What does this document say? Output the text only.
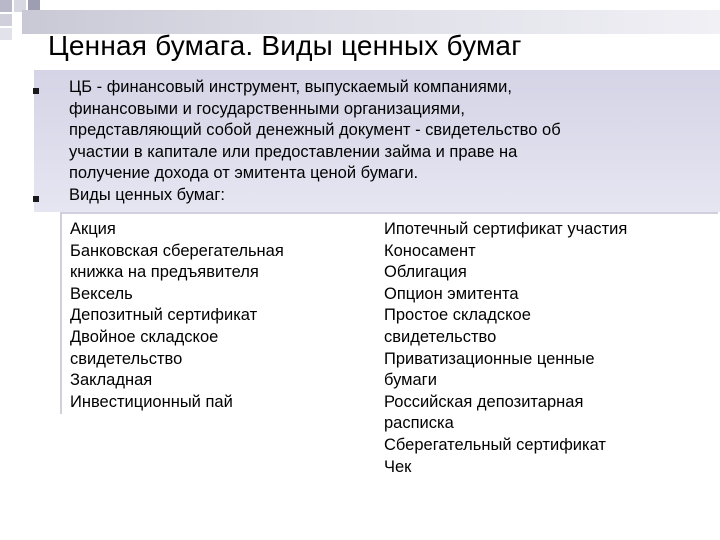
Ценная бумага. Виды ценных бумаг
ЦБ - финансовый инструмент, выпускаемый компаниями,
финансовыми и государственными организациями,
представляющий собой денежный документ - свидетельство об
участии в капитале или предоставлении займа и праве на
получение дохода от эмитента ценой бумаги.
Виды ценных бумаг:
Акция
Банковская сберегательная
книжка на предъявителя
Вексель
Депозитный сертификат
Двойное складское
свидетельство
Закладная
Инвестиционный пай
Ипотечный сертификат участия
Коносамент
Облигация
Опцион эмитента
Простое складское
свидетельство
Приватизационные ценные
бумаги
Российская депозитарная
расписка
Сберегательный сертификат
Чек
